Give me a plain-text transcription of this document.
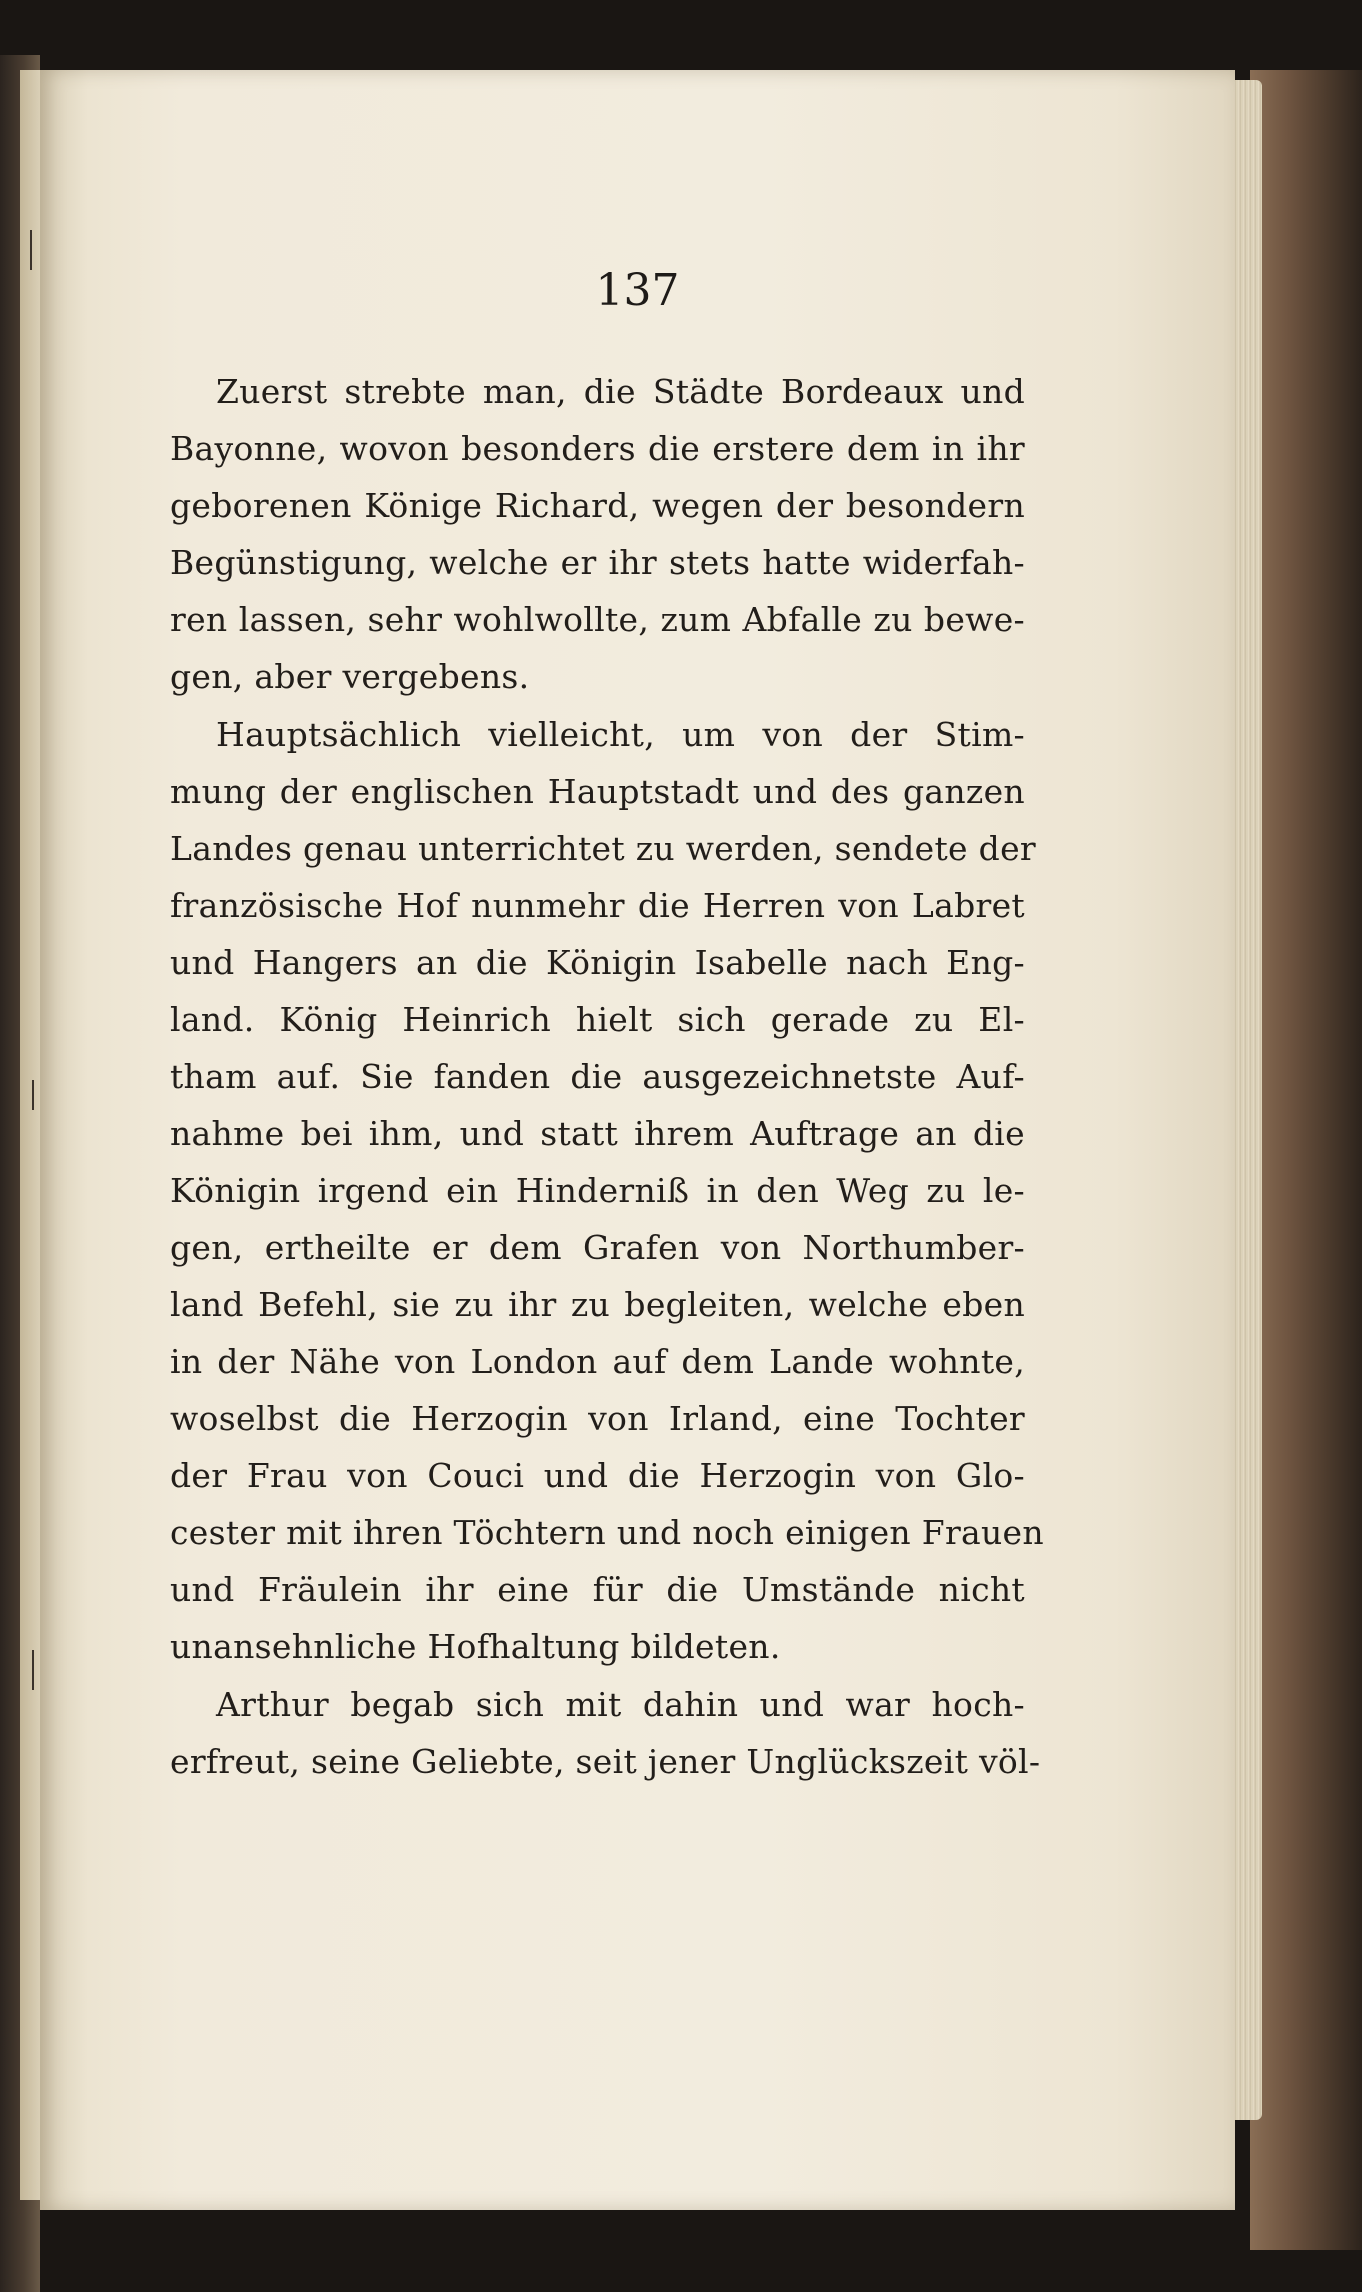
137
Zuerst strebte man, die Städte Bordeaux und
Bayonne, wovon besonders die erstere dem in ihr
geborenen Könige Richard, wegen der besondern
Begünstigung, welche er ihr stets hatte widerfah-
ren lassen, sehr wohlwollte, zum Abfalle zu bewe-
gen, aber vergebens.
Hauptsächlich vielleicht, um von der Stim-
mung der englischen Hauptstadt und des ganzen
Landes genau unterrichtet zu werden, sendete der
französische Hof nunmehr die Herren von Labret
und Hangers an die Königin Isabelle nach Eng-
land. König Heinrich hielt sich gerade zu El-
tham auf. Sie fanden die ausgezeichnetste Auf-
nahme bei ihm, und statt ihrem Auftrage an die
Königin irgend ein Hinderniß in den Weg zu le-
gen, ertheilte er dem Grafen von Northumber-
land Befehl, sie zu ihr zu begleiten, welche eben
in der Nähe von London auf dem Lande wohnte,
woselbst die Herzogin von Irland, eine Tochter
der Frau von Couci und die Herzogin von Glo-
cester mit ihren Töchtern und noch einigen Frauen
und Fräulein ihr eine für die Umstände nicht
unansehnliche Hofhaltung bildeten.
Arthur begab sich mit dahin und war hoch-
erfreut, seine Geliebte, seit jener Unglückszeit völ-
